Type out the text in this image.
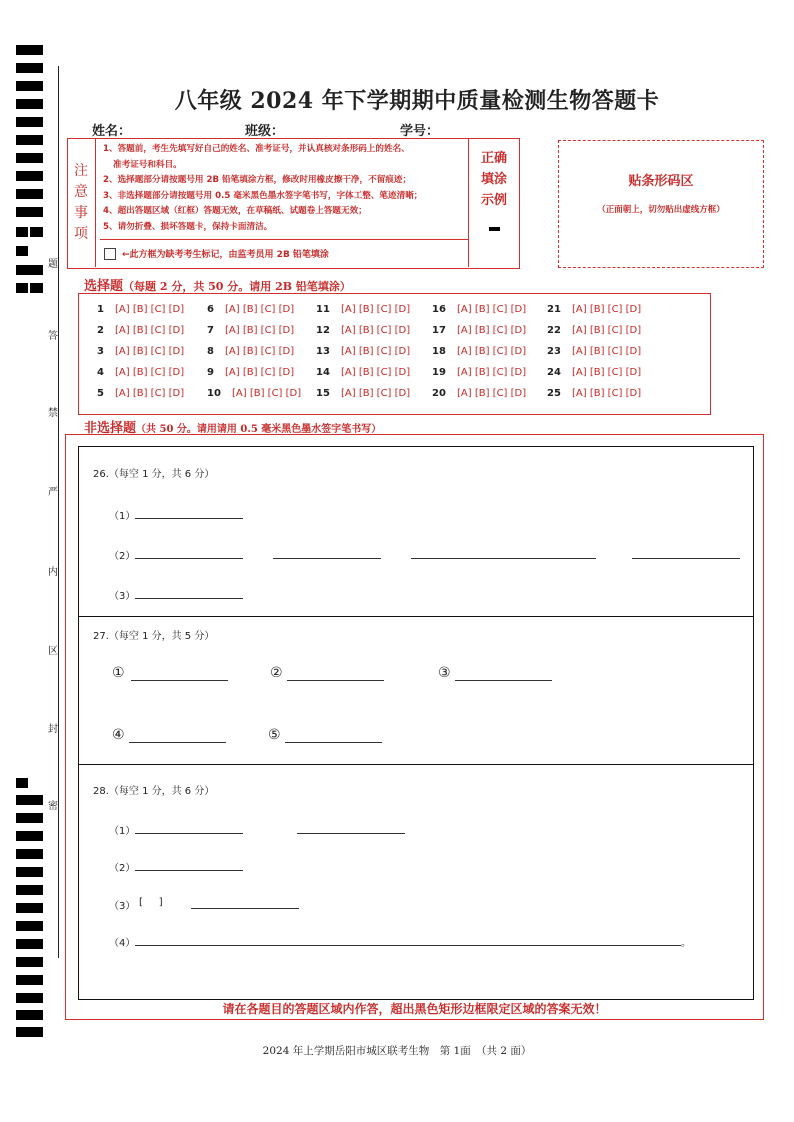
题
答
禁
严
内
区
封
密
八年级 2024 年下学期期中质量检测生物答题卡
姓名：	班级：	学号：
注
意
事
项
1、答题前，考生先填写好自己的姓名、准考证号，并认真核对条形码上的姓名、
准考证号和科目。
2、选择题部分请按题号用 2B 铅笔填涂方框，修改时用橡皮擦干净，不留痕迹；
3、非选择题部分请按题号用 0.5 毫米黑色墨水签字笔书写，字体工整、笔迹清晰；
4、超出答题区域（红框）答题无效，在草稿纸、试题卷上答题无效；
5、请勿折叠、损坏答题卡，保持卡面清洁。
←此方框为缺考考生标记，由监考员用 2B 铅笔填涂
正确
填涂
示例
贴条形码区
（正面朝上，切勿贴出虚线方框）
选择题（每题 2 分，共 50 分。请用 2B 铅笔填涂）
1 [A] [B] [C] [D]
2 [A] [B] [C] [D]
3 [A] [B] [C] [D]
4 [A] [B] [C] [D]
5 [A] [B] [C] [D]
6 [A] [B] [C] [D]
7 [A] [B] [C] [D]
8 [A] [B] [C] [D]
9 [A] [B] [C] [D]
10 [A] [B] [C] [D]
11 [A] [B] [C] [D]
12 [A] [B] [C] [D]
13 [A] [B] [C] [D]
14 [A] [B] [C] [D]
15 [A] [B] [C] [D]
16 [A] [B] [C] [D]
17 [A] [B] [C] [D]
18 [A] [B] [C] [D]
19 [A] [B] [C] [D]
20 [A] [B] [C] [D]
21 [A] [B] [C] [D]
22 [A] [B] [C] [D]
23 [A] [B] [C] [D]
24 [A] [B] [C] [D]
25 [A] [B] [C] [D]
非选择题（共 50 分。请用请用 0.5 毫米黑色墨水签字笔书写）
26.（每空 1 分，共 6 分）
（1）
（2）
（3）
27.（每空 1 分，共 5 分）
①	②	③
④	⑤
28.（每空 1 分，共 6 分）
（1）
（2）
（3） [     ]
（4）	。
请在各题目的答题区域内作答，超出黑色矩形边框限定区域的答案无效！
2024 年上学期岳阳市城区联考生物　第 1面　（共 2 面）
